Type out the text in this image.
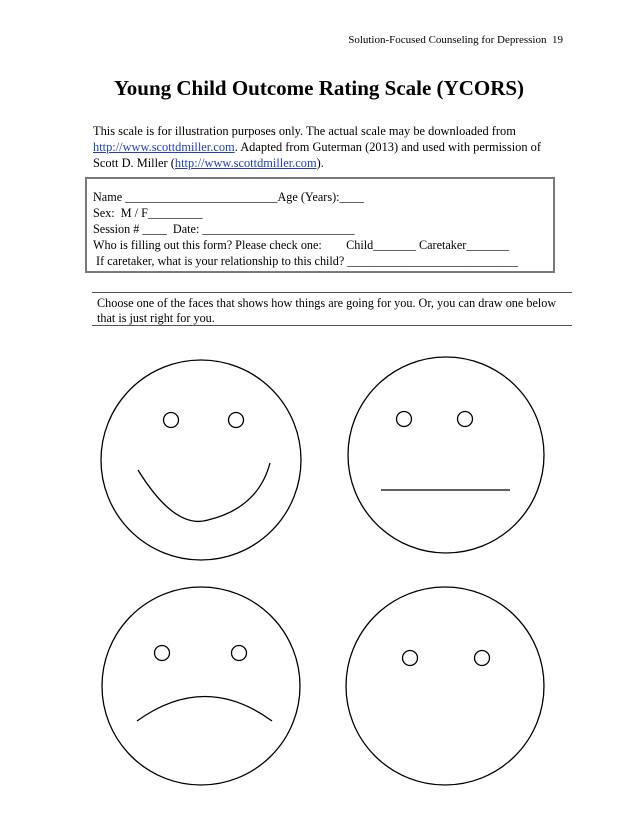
Solution-Focused Counseling for Depression 19
Young Child Outcome Rating Scale (YCORS)
This scale is for illustration purposes only. The actual scale may be downloaded from http://www.scottdmiller.com. Adapted from Guterman (2013) and used with permission of Scott D. Miller (http://www.scottdmiller.com).
Name _________________________Age (Years):____
Sex:  M / F_________
Session # ____  Date: _________________________
Who is filling out this form? Please check one:        Child_______ Caretaker_______
If caretaker, what is your relationship to this child? ____________________________
Choose one of the faces that shows how things are going for you. Or, you can draw one below that is just right for you.
